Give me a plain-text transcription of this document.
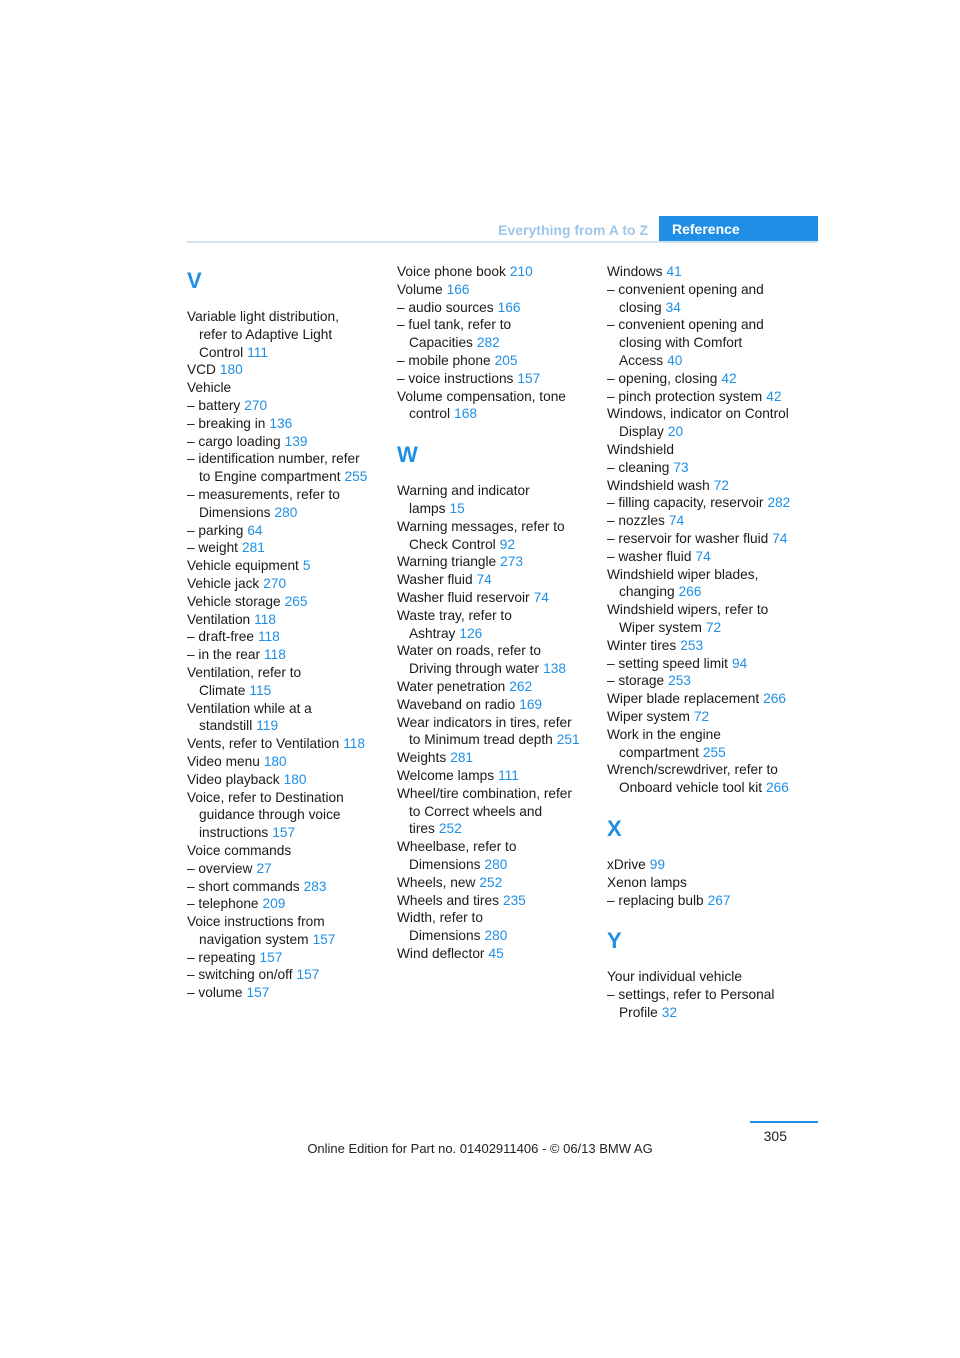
Everything from A to Z	Reference
V
Variable light distribution,
refer to Adaptive Light
Control 111
VCD 180
Vehicle
– battery 270
– breaking in 136
– cargo loading 139
– identification number, refer
to Engine compartment 255
– measurements, refer to
Dimensions 280
– parking 64
– weight 281
Vehicle equipment 5
Vehicle jack 270
Vehicle storage 265
Ventilation 118
– draft-free 118
– in the rear 118
Ventilation, refer to
Climate 115
Ventilation while at a
standstill 119
Vents, refer to Ventilation 118
Video menu 180
Video playback 180
Voice, refer to Destination
guidance through voice
instructions 157
Voice commands
– overview 27
– short commands 283
– telephone 209
Voice instructions from
navigation system 157
– repeating 157
– switching on/off 157
– volume 157
Voice phone book 210
Volume 166
– audio sources 166
– fuel tank, refer to
Capacities 282
– mobile phone 205
– voice instructions 157
Volume compensation, tone
control 168
W
Warning and indicator
lamps 15
Warning messages, refer to
Check Control 92
Warning triangle 273
Washer fluid 74
Washer fluid reservoir 74
Waste tray, refer to
Ashtray 126
Water on roads, refer to
Driving through water 138
Water penetration 262
Waveband on radio 169
Wear indicators in tires, refer
to Minimum tread depth 251
Weights 281
Welcome lamps 111
Wheel/tire combination, refer
to Correct wheels and
tires 252
Wheelbase, refer to
Dimensions 280
Wheels, new 252
Wheels and tires 235
Width, refer to
Dimensions 280
Wind deflector 45
Windows 41
– convenient opening and
closing 34
– convenient opening and
closing with Comfort
Access 40
– opening, closing 42
– pinch protection system 42
Windows, indicator on Control
Display 20
Windshield
– cleaning 73
Windshield wash 72
– filling capacity, reservoir 282
– nozzles 74
– reservoir for washer fluid 74
– washer fluid 74
Windshield wiper blades,
changing 266
Windshield wipers, refer to
Wiper system 72
Winter tires 253
– setting speed limit 94
– storage 253
Wiper blade replacement 266
Wiper system 72
Work in the engine
compartment 255
Wrench/screwdriver, refer to
Onboard vehicle tool kit 266
X
xDrive 99
Xenon lamps
– replacing bulb 267
Y
Your individual vehicle
– settings, refer to Personal
Profile 32
305
Online Edition for Part no. 01402911406 - © 06/13 BMW AG
